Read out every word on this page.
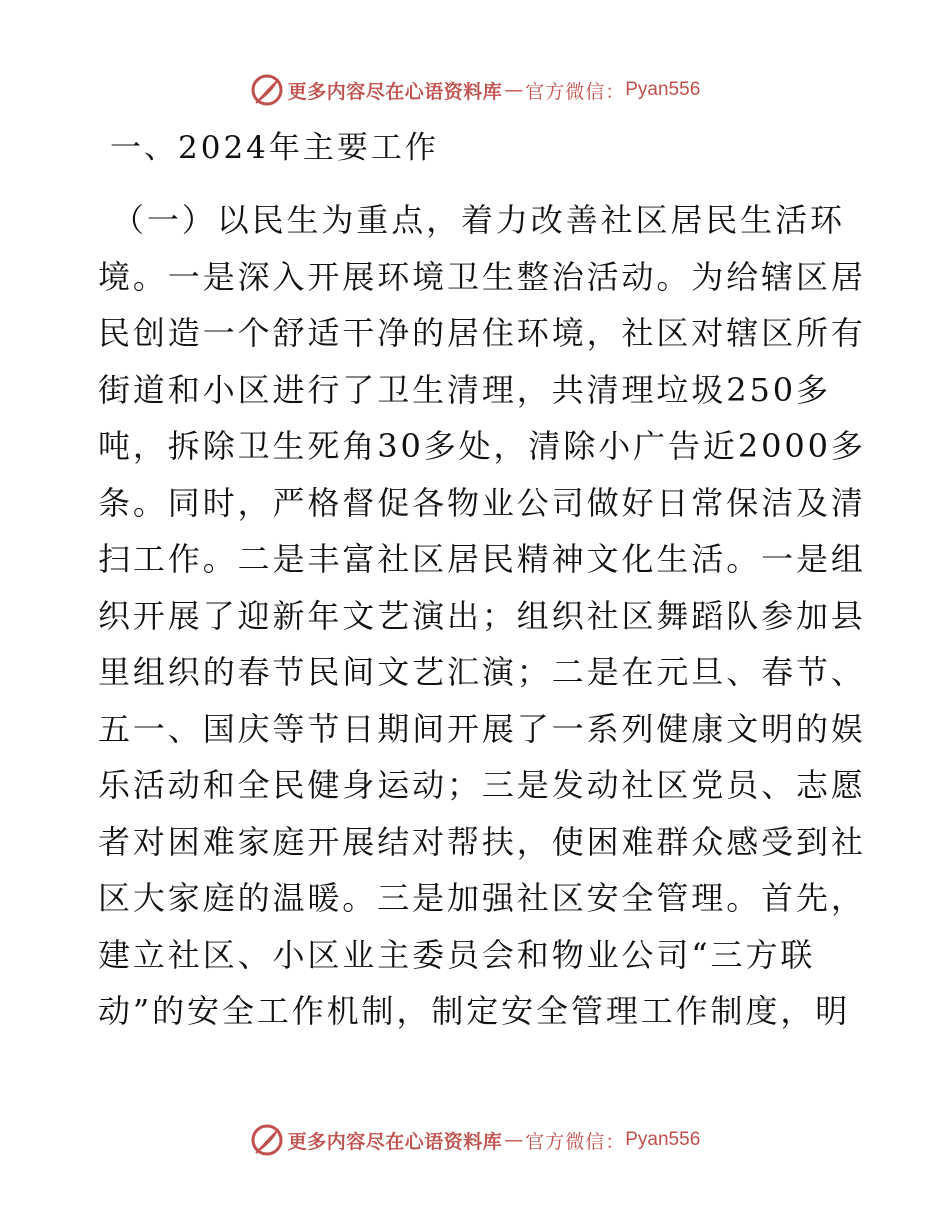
更多内容尽在心语资料库 — 官方微信： Pyan556
一、2024年主要工作
（一）以民生为重点，着力改善社区居民生活环
境。一是深入开展环境卫生整治活动。为给辖区居
民创造一个舒适干净的居住环境，社区对辖区所有
街道和小区进行了卫生清理，共清理垃圾250多
吨，拆除卫生死角30多处，清除小广告近2000多
条。同时，严格督促各物业公司做好日常保洁及清
扫工作。二是丰富社区居民精神文化生活。一是组
织开展了迎新年文艺演出；组织社区舞蹈队参加县
里组织的春节民间文艺汇演；二是在元旦、春节、
五一、国庆等节日期间开展了一系列健康文明的娱
乐活动和全民健身运动；三是发动社区党员、志愿
者对困难家庭开展结对帮扶，使困难群众感受到社
区大家庭的温暖。三是加强社区安全管理。首先，
建立社区、小区业主委员会和物业公司“三方联
动”的安全工作机制，制定安全管理工作制度，明
更多内容尽在心语资料库 — 官方微信： Pyan556
